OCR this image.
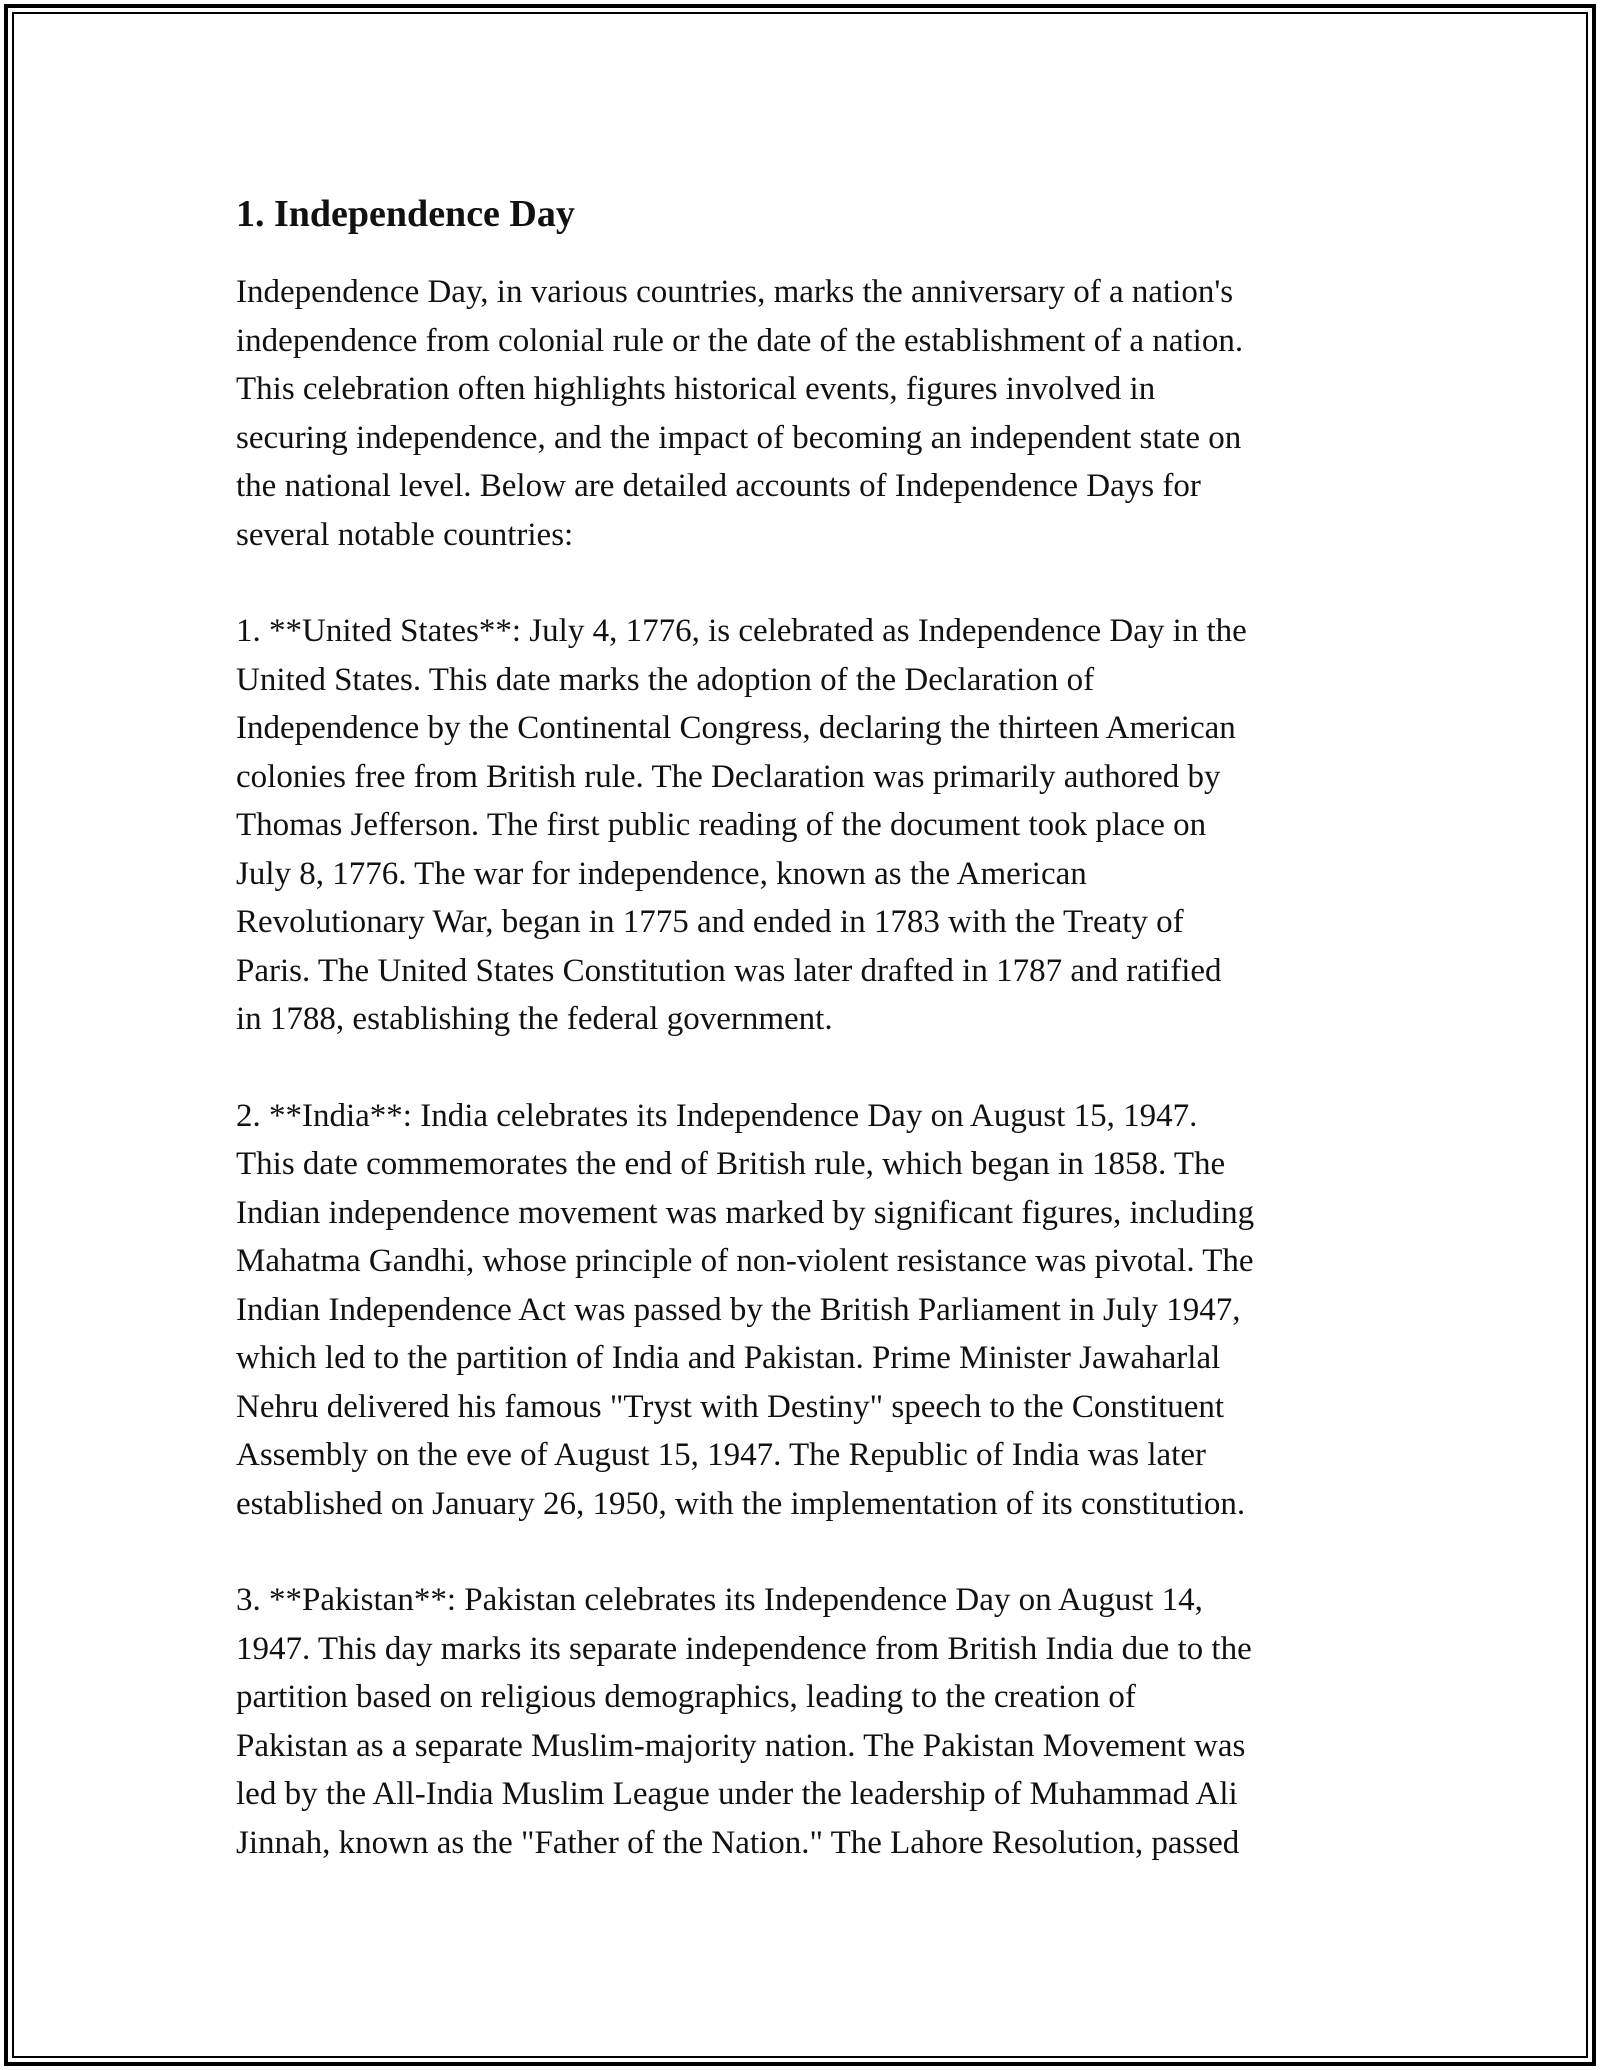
1. Independence Day

Independence Day, in various countries, marks the anniversary of a nation's
independence from colonial rule or the date of the establishment of a nation.
This celebration often highlights historical events, figures involved in
securing independence, and the impact of becoming an independent state on
the national level. Below are detailed accounts of Independence Days for
several notable countries:

1. **United States**: July 4, 1776, is celebrated as Independence Day in the
United States. This date marks the adoption of the Declaration of
Independence by the Continental Congress, declaring the thirteen American
colonies free from British rule. The Declaration was primarily authored by
Thomas Jefferson. The first public reading of the document took place on
July 8, 1776. The war for independence, known as the American
Revolutionary War, began in 1775 and ended in 1783 with the Treaty of
Paris. The United States Constitution was later drafted in 1787 and ratified
in 1788, establishing the federal government.

2. **India**: India celebrates its Independence Day on August 15, 1947.
This date commemorates the end of British rule, which began in 1858. The
Indian independence movement was marked by significant figures, including
Mahatma Gandhi, whose principle of non-violent resistance was pivotal. The
Indian Independence Act was passed by the British Parliament in July 1947,
which led to the partition of India and Pakistan. Prime Minister Jawaharlal
Nehru delivered his famous "Tryst with Destiny" speech to the Constituent
Assembly on the eve of August 15, 1947. The Republic of India was later
established on January 26, 1950, with the implementation of its constitution.

3. **Pakistan**: Pakistan celebrates its Independence Day on August 14,
1947. This day marks its separate independence from British India due to the
partition based on religious demographics, leading to the creation of
Pakistan as a separate Muslim-majority nation. The Pakistan Movement was
led by the All-India Muslim League under the leadership of Muhammad Ali
Jinnah, known as the "Father of the Nation." The Lahore Resolution, passed
